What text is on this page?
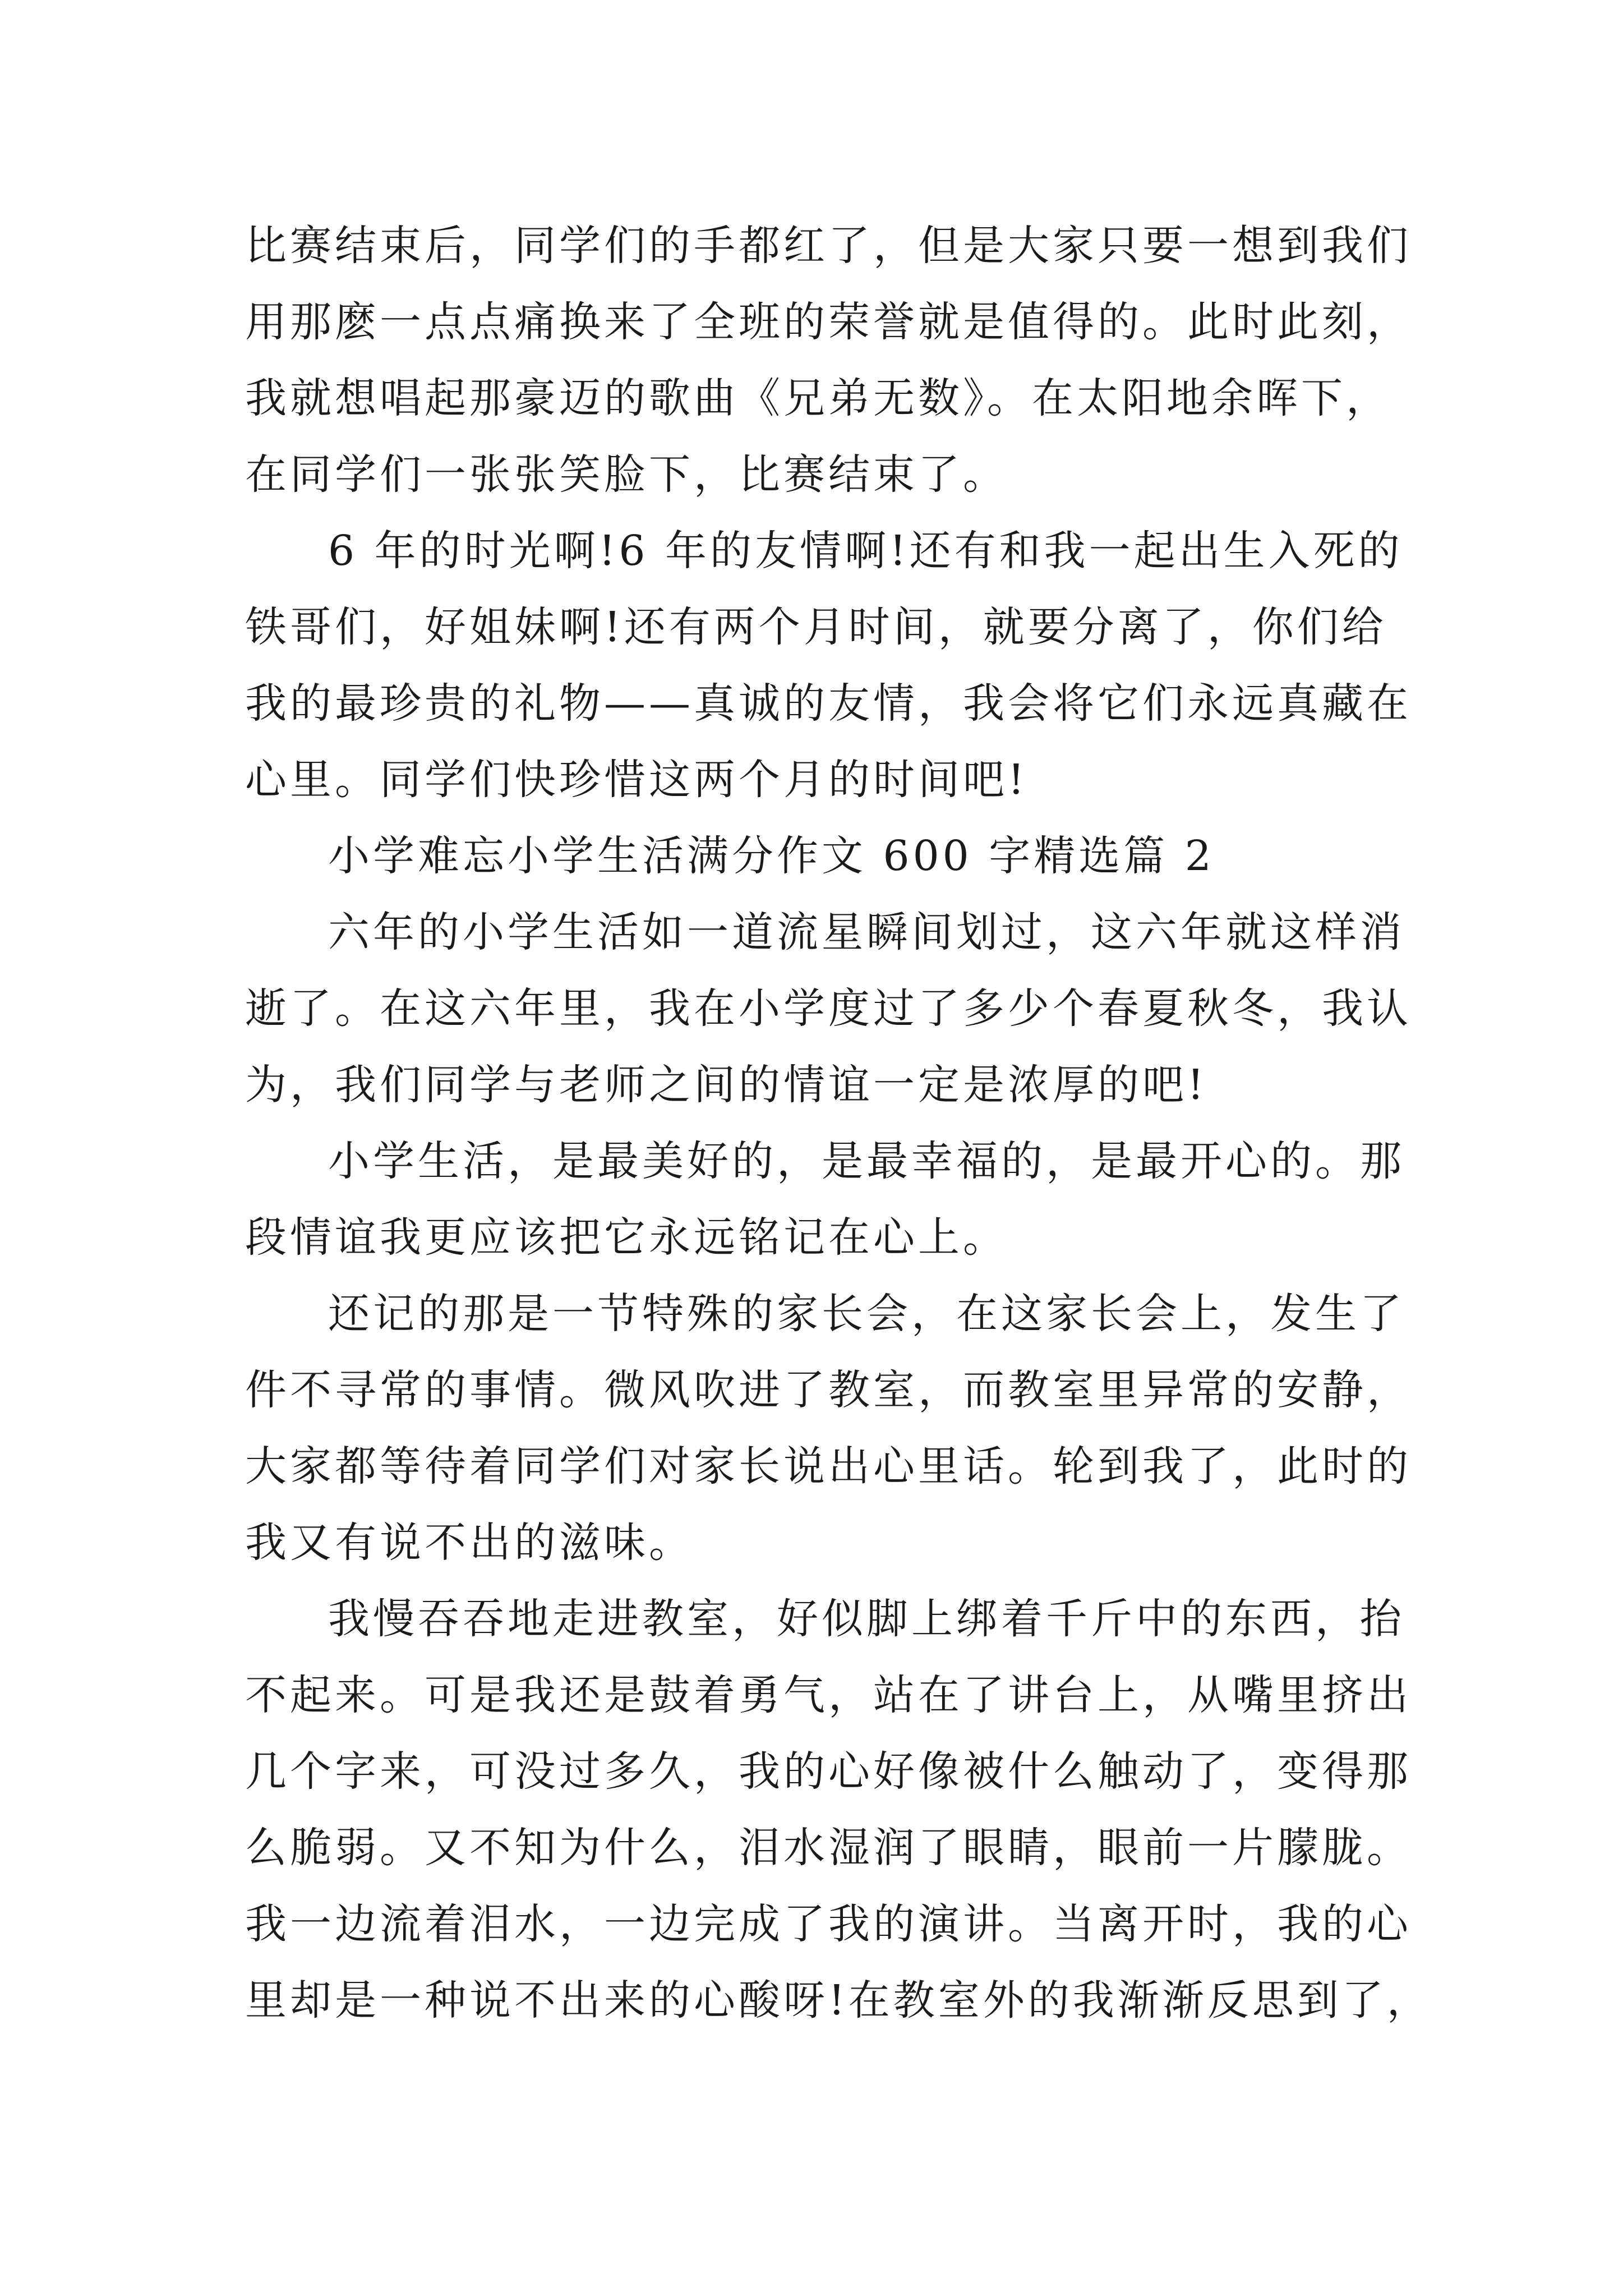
比赛结束后，同学们的手都红了，但是大家只要一想到我们
用那麽一点点痛换来了全班的荣誉就是值得的。此时此刻，
我就想唱起那豪迈的歌曲《兄弟无数》。在太阳地余晖下，
在同学们一张张笑脸下，比赛结束了。
6 年的时光啊!6 年的友情啊!还有和我一起出生入死的
铁哥们，好姐妹啊!还有两个月时间，就要分离了，你们给
我的最珍贵的礼物——真诚的友情，我会将它们永远真藏在
心里。同学们快珍惜这两个月的时间吧!
小学难忘小学生活满分作文 600 字精选篇 2
六年的小学生活如一道流星瞬间划过，这六年就这样消
逝了。在这六年里，我在小学度过了多少个春夏秋冬，我认
为，我们同学与老师之间的情谊一定是浓厚的吧!
小学生活，是最美好的，是最幸福的，是最开心的。那
段情谊我更应该把它永远铭记在心上。
还记的那是一节特殊的家长会，在这家长会上，发生了
件不寻常的事情。微风吹进了教室，而教室里异常的安静，
大家都等待着同学们对家长说出心里话。轮到我了，此时的
我又有说不出的滋味。
我慢吞吞地走进教室，好似脚上绑着千斤中的东西，抬
不起来。可是我还是鼓着勇气，站在了讲台上，从嘴里挤出
几个字来，可没过多久，我的心好像被什么触动了，变得那
么脆弱。又不知为什么，泪水湿润了眼睛，眼前一片朦胧。
我一边流着泪水，一边完成了我的演讲。当离开时，我的心
里却是一种说不出来的心酸呀!在教室外的我渐渐反思到了，
